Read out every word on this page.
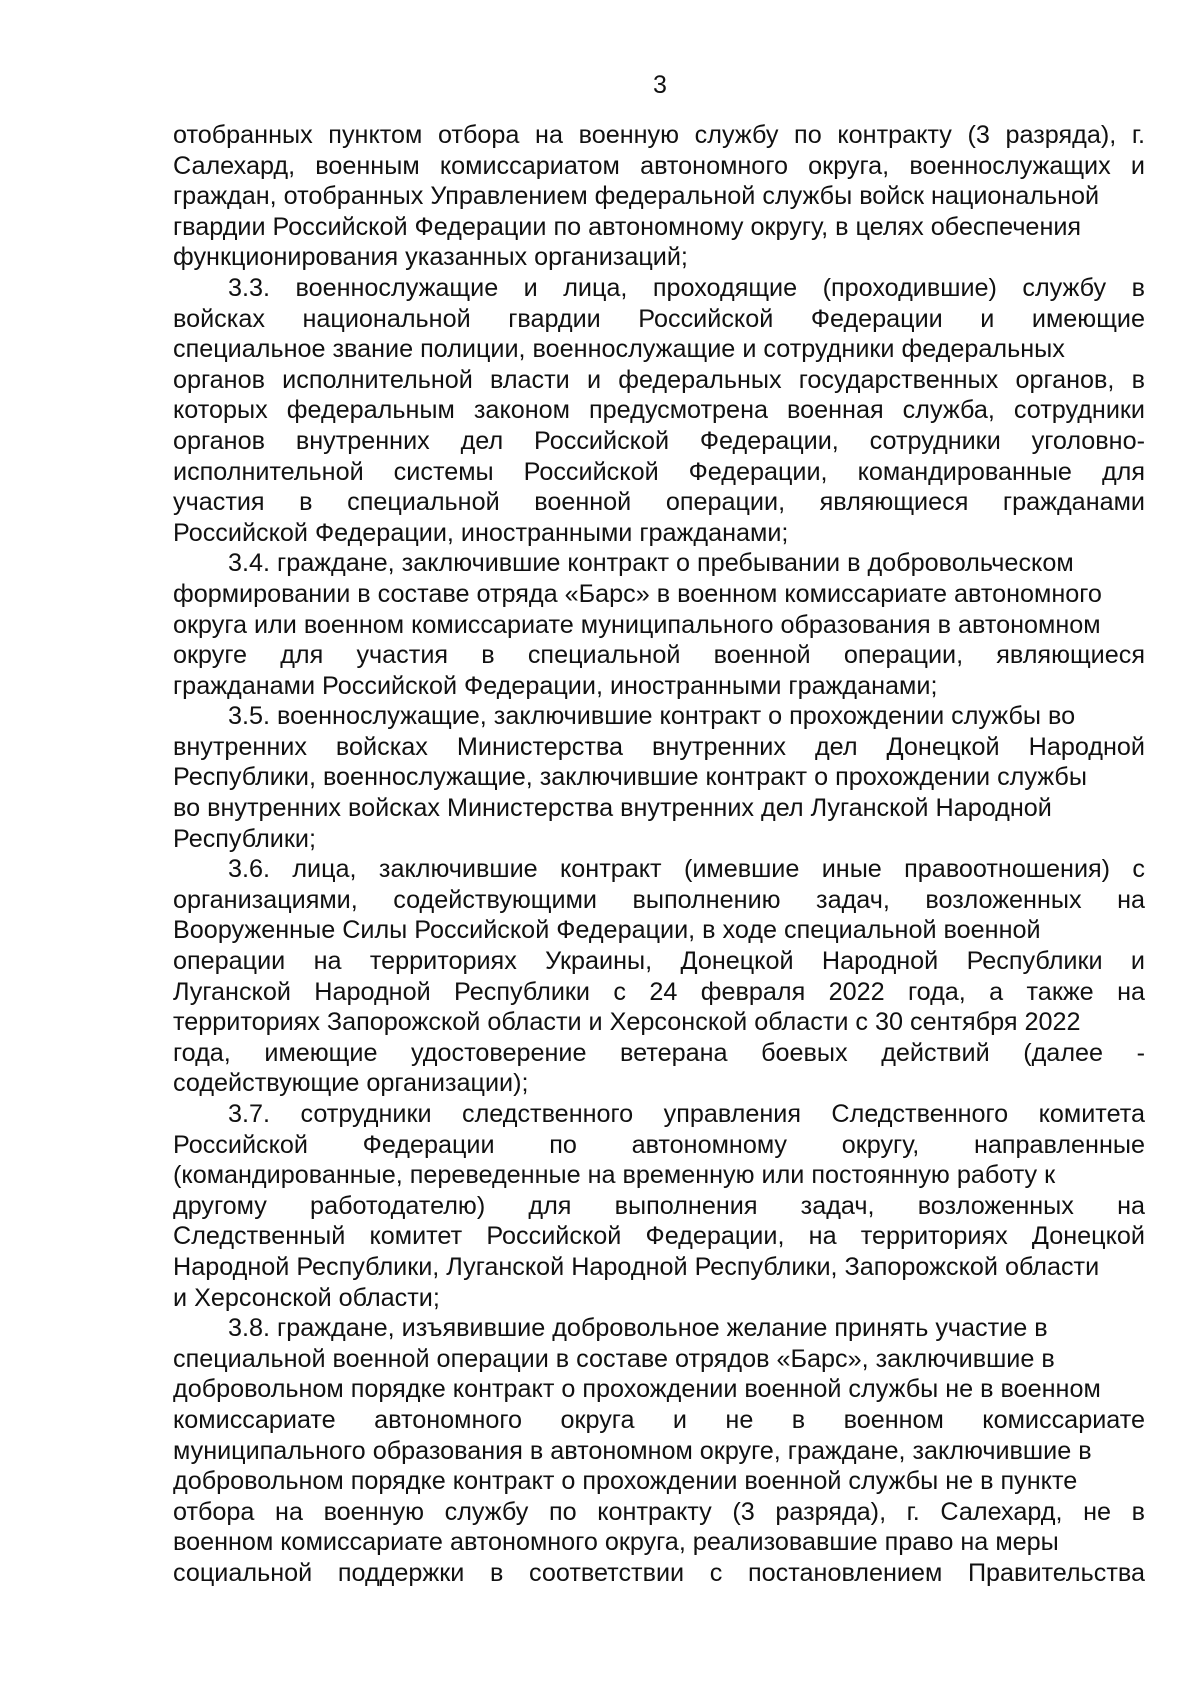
3
отобранных пунктом отбора на военную службу по контракту (3 разряда), г.
Салехард, военным комиссариатом автономного округа, военнослужащих и
граждан, отобранных Управлением федеральной службы войск национальной
гвардии Российской Федерации по автономному округу, в целях обеспечения
функционирования указанных организаций;
3.3. военнослужащие и лица, проходящие (проходившие) службу в
войсках национальной гвардии Российской Федерации и имеющие
специальное звание полиции, военнослужащие и сотрудники федеральных
органов исполнительной власти и федеральных государственных органов, в
которых федеральным законом предусмотрена военная служба, сотрудники
органов внутренних дел Российской Федерации, сотрудники уголовно-
исполнительной системы Российской Федерации, командированные для
участия в специальной военной операции, являющиеся гражданами
Российской Федерации, иностранными гражданами;
3.4. граждане, заключившие контракт о пребывании в добровольческом
формировании в составе отряда «Барс» в военном комиссариате автономного
округа или военном комиссариате муниципального образования в автономном
округе для участия в специальной военной операции, являющиеся
гражданами Российской Федерации, иностранными гражданами;
3.5. военнослужащие, заключившие контракт о прохождении службы во
внутренних войсках Министерства внутренних дел Донецкой Народной
Республики, военнослужащие, заключившие контракт о прохождении службы
во внутренних войсках Министерства внутренних дел Луганской Народной
Республики;
3.6. лица, заключившие контракт (имевшие иные правоотношения) с
организациями, содействующими выполнению задач, возложенных на
Вооруженные Силы Российской Федерации, в ходе специальной военной
операции на территориях Украины, Донецкой Народной Республики и
Луганской Народной Республики с 24 февраля 2022 года, а также на
территориях Запорожской области и Херсонской области с 30 сентября 2022
года, имеющие удостоверение ветерана боевых действий (далее -
содействующие организации);
3.7. сотрудники следственного управления Следственного комитета
Российской Федерации по автономному округу, направленные
(командированные, переведенные на временную или постоянную работу к
другому работодателю) для выполнения задач, возложенных на
Следственный комитет Российской Федерации, на территориях Донецкой
Народной Республики, Луганской Народной Республики, Запорожской области
и Херсонской области;
3.8. граждане, изъявившие добровольное желание принять участие в
специальной военной операции в составе отрядов «Барс», заключившие в
добровольном порядке контракт о прохождении военной службы не в военном
комиссариате автономного округа и не в военном комиссариате
муниципального образования в автономном округе, граждане, заключившие в
добровольном порядке контракт о прохождении военной службы не в пункте
отбора на военную службу по контракту (3 разряда), г. Салехард, не в
военном комиссариате автономного округа, реализовавшие право на меры
социальной поддержки в соответствии с постановлением Правительства
